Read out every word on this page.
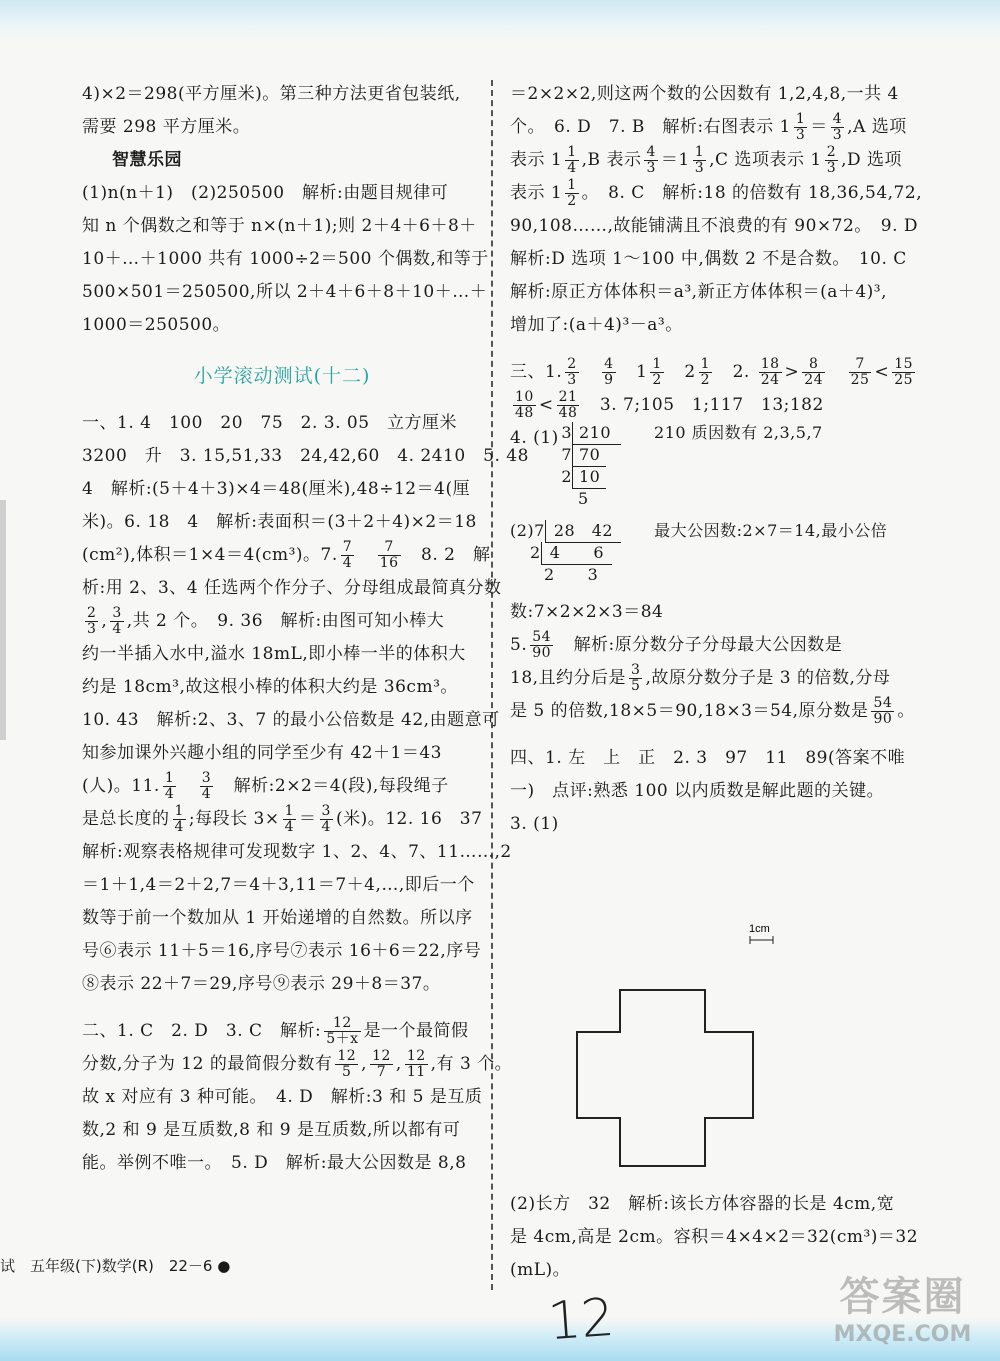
4)×2＝298(平方厘米)。第三种方法更省包装纸,
需要 298 平方厘米。
智慧乐园
(1)n(n＋1)　(2)250500　解析:由题目规律可
知 n 个偶数之和等于 n×(n＋1);则 2＋4＋6＋8＋
10＋…＋1000 共有 1000÷2＝500 个偶数,和等于
500×501＝250500,所以 2＋4＋6＋8＋10＋…＋
1000＝250500。
小学滚动测试(十二)
一、1. 4　100　20　75　2. 3. 05　立方厘米
3200　升　3. 15,51,33　24,42,60　4. 2410　5. 48
4　解析:(5＋4＋3)×4＝48(厘米),48÷12＝4(厘
米)。6. 18　4　解析:表面积＝(3＋2＋4)×2＝18
(cm²),体积＝1×4＝4(cm³)。7. $\frac{7}{4}$
　 $\frac{7}{16}$
　 8. 2　解
析:用 2、3、4 任选两个作分子、分母组成最简真分数
$\frac{2}{3}$ , $\frac{3}{4}$ ,共 2 个。　9. 36　解析:由图可知小棒大
约一半插入水中,溢水 18mL,即小棒一半的体积大
约是 18cm³,故这根小棒的体积大约是 36cm³。
10. 43　解析:2、3、7 的最小公倍数是 42,由题意可
知参加课外兴趣小组的同学至少有 42＋1＝43
(人)。11. $\frac{1}{4}$
　 $\frac{3}{4}$
　 解析:2×2＝4(段),每段绳子
是总长度的 $\frac{1}{4}$ ;每段长 $3\times \frac{1}{4} = \frac{3}{4}$ (米)。12. 16　37
解析:观察表格规律可发现数字 1、2、4、7、11……,2
＝1＋1,4＝2＋2,7＝4＋3,11＝7＋4,…,即后一个
数等于前一个数加从 1 开始递增的自然数。所以序
号⑥表示 11＋5＝16,序号⑦表示 16＋6＝22,序号
⑧表示 22＋7＝29,序号⑨表示 29＋8＝37。
二、1. C　2. D　3. C　解析: $\frac{12}{5+x}$ 是一个最简假
分数,分子为 12 的最简假分数有 $\frac{12}{5}$ , $\frac{12}{7}$ , $\frac{12}{11}$ ,有 3 个。
故 x 对应有 3 种可能。　4. D　解析:3 和 5 是互质
数,2 和 9 是互质数,8 和 9 是互质数,所以都有可
能。举例不唯一。　5. D　解析:最大公因数是 8,8
＝2×2×2,则这两个数的公因数有 1,2,4,8,一共 4
个。　6. D　7. B　解析:右图表示 $1 \frac{1}{3} = \frac{4}{3} ,A$ 选项
表示 $1 \frac{1}{4} ,B$ 表示 $\frac{4}{3} =1 \frac{1}{3} ,C$ 选项表示 $1 \frac{2}{3} ,D$ 选项
表示 $1 \frac{1}{2}$ 。　8. C　解析:18 的倍数有 18,36,54,72,
90,108……,故能铺满且不浪费的有 90×72。　9. D
解析:D 选项 1～100 中,偶数 2 不是合数。　10. C
解析:原正方体体积＝a³,新正方体体积＝(a＋4)³,
增加了:(a＋4)³－a³。
三、1. $\frac{2}{3}$
　 $\frac{4}{9}$ 　$1 \frac{1}{2}$ 　$2 \frac{1}{2}$
　 2. $\frac{18}{24} > \frac{8}{24}$
　 $\frac{7}{25} < \frac{15}{25}$
$\frac{10}{48} < \frac{21}{48}$
　 3. 7;105　1;117　13;182
4. (1) 3 210　　	210 质因数有 2,3,5,7
7 70
2 10
5
(2)7 28　42　　	最大公因数:2×7＝14,最小公倍
2 4　　6
2　　3
数:7×2×2×3＝84
5. $\frac{54}{90}$
　 解析:原分数分子分母最大公因数是
18,且约分后是 $\frac{3}{5}$ ,故原分数分子是 3 的倍数,分母
是 5 的倍数,18×5＝90,18×3＝54,原分数是 $\frac{54}{90}$ 。
四、1. 左　上　正　2. 3　97　11　89(答案不唯
一)　点评:熟悉 100 以内质数是解此题的关键。
3. (1)
1cm
(2)长方　32　解析:该长方体容器的长是 4cm,宽
是 4cm,高是 2cm。容积＝4×4×2＝32(cm³)＝32
(mL)。
试　五年级(下)数学(R)　22－6 ●
12	答案圈
MXQE.COM
